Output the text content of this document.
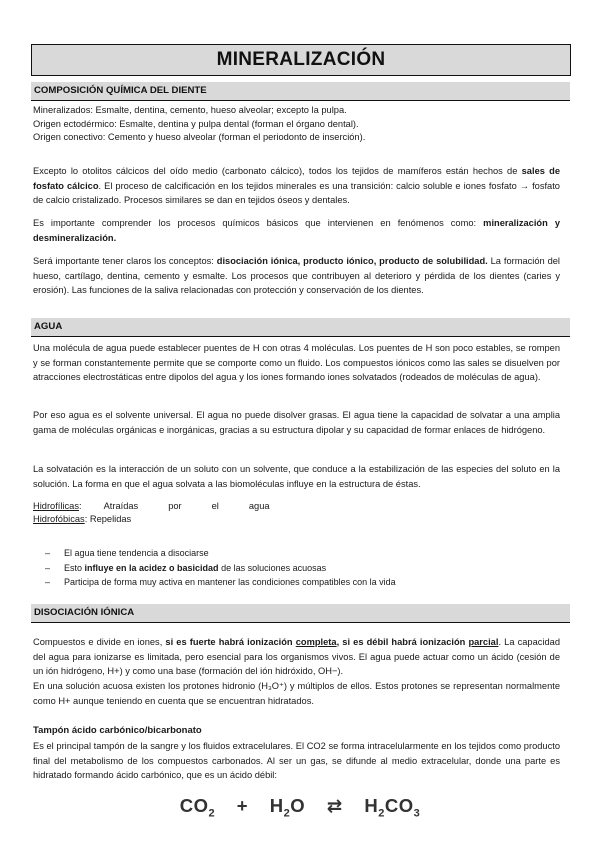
MINERALIZACIÓN
COMPOSICIÓN QUÍMICA DEL DIENTE

Mineralizados: Esmalte, dentina, cemento, hueso alveolar; excepto la pulpa.
Origen ectodérmico: Esmalte, dentina y pulpa dental (forman el órgano dental).
Origen conectivo: Cemento y hueso alveolar (forman el periodonto de inserción).

Excepto lo otolitos cálcicos del oído medio (carbonato cálcico), todos los tejidos de mamíferos están hechos de sales de fosfato cálcico. El proceso de calcificación en los tejidos minerales es una transición: calcio soluble e iones fosfato → fosfato de calcio cristalizado. Procesos similares se dan en tejidos óseos y dentales.

Es importante comprender los procesos químicos básicos que intervienen en fenómenos como: mineralización y desmineralización.

Será importante tener claros los conceptos: disociación iónica, producto iónico, producto de solubilidad. La formación del hueso, cartílago, dentina, cemento y esmalte. Los procesos que contribuyen al deterioro y pérdida de los dientes (caries y erosión). Las funciones de la saliva relacionadas con protección y conservación de los dientes.

AGUA

Una molécula de agua puede establecer puentes de H con otras 4 moléculas. Los puentes de H son poco estables, se rompen y se forman constantemente permite que se comporte como un fluido. Los compuestos iónicos como las sales se disuelven por atracciones electrostáticas entre dipolos del agua y los iones formando iones solvatados (rodeados de moléculas de agua).

Por eso agua es el solvente universal. El agua no puede disolver grasas. El agua tiene la capacidad de solvatar a una amplia gama de moléculas orgánicas e inorgánicas, gracias a su estructura dipolar y su capacidad de formar enlaces de hidrógeno.

La solvatación es la interacción de un soluto con un solvente, que conduce a la estabilización de las especies del soluto en la solución. La forma en que el agua solvata a las biomoléculas influye en la estructura de éstas.

Hidrofílicas : Atraídas	por	el	agua
Hidrofóbicas : Repelidas
– El agua tiene tendencia a disociarse
– Esto influye en la acidez o basicidad de las soluciones acuosas
– Participa de forma muy activa en mantener las condiciones compatibles con la vida
DISOCIACIÓN IÓNICA

Compuestos e divide en iones, si es fuerte habrá ionización completa, si es débil habrá ionización parcial. La capacidad del agua para ionizarse es limitada, pero esencial para los organismos vivos. El agua puede actuar como un ácido (cesión de un ión hidrógeno, H+) y como una base (formación del ión hidróxido, OH−).

En una solución acuosa existen los protones hidronio (H₃O⁺) y múltiplos de ellos. Estos protones se representan normalmente como H+ aunque teniendo en cuenta que se encuentran hidratados.

Tampón ácido carbónico/bicarbonato

Es el principal tampón de la sangre y los fluidos extracelulares. El CO2 se forma intracelularmente en los tejidos como producto final del metabolismo de los compuestos carbonados. Al ser un gas, se difunde al medio extracelular, donde una parte es hidratado formando ácido carbónico, que es un ácido débil:

$CO_2 + H_2O$ ⇄ $H_2CO_3$
